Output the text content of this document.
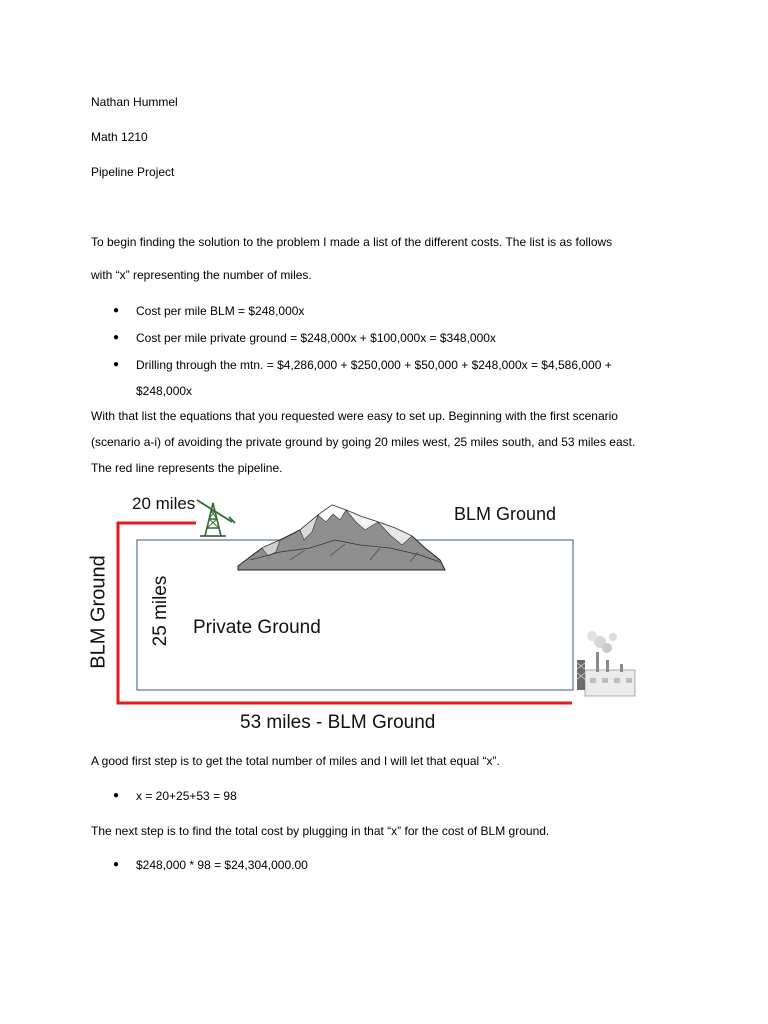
Nathan Hummel
Math 1210
Pipeline Project
To begin finding the solution to the problem I made a list of the different costs. The list is as follows
with “x” representing the number of miles.
● Cost per mile BLM = $248,000x
● Cost per mile private ground = $248,000x + $100,000x = $348,000x
● Drilling through the mtn. = $4,286,000 + $250,000 + $50,000 + $248,000x = $4,586,000 +
$248,000x
With that list the equations that you requested were easy to set up. Beginning with the first scenario
(scenario a-i) of avoiding the private ground by going 20 miles west, 25 miles south, and 53 miles east.
The red line represents the pipeline.
20 miles
BLM Ground
BLM Ground 25 miles Private Ground
53 miles - BLM Ground
A good first step is to get the total number of miles and I will let that equal “x”.
● x = 20+25+53 = 98
The next step is to find the total cost by plugging in that “x” for the cost of BLM ground.
● $248,000 * 98 = $24,304,000.00
